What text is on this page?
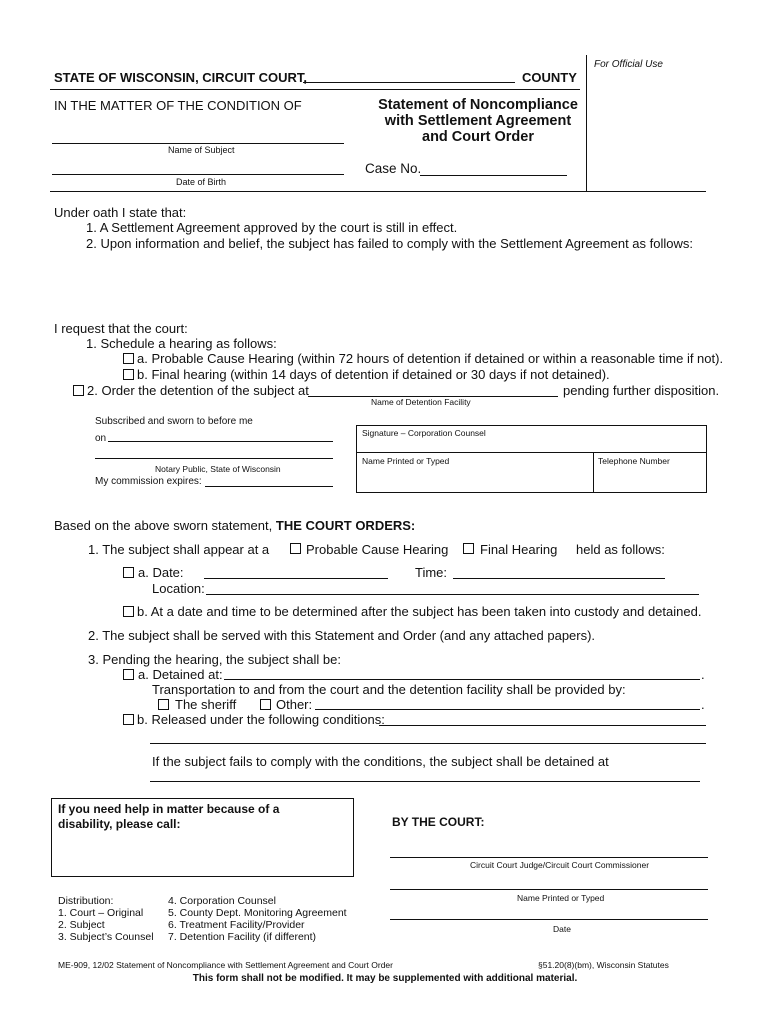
For Official Use
STATE OF WISCONSIN, CIRCUIT COURT,	COUNTY
IN THE MATTER OF THE CONDITION OF
Name of Subject
Date of Birth
Statement of Noncompliance
with Settlement Agreement
and Court Order
Case No.
Under oath I state that:
1. A Settlement Agreement approved by the court is still in effect.
2. Upon information and belief, the subject has failed to comply with the Settlement Agreement as follows:
I request that the court:
1. Schedule a hearing as follows:
a. Probable Cause Hearing (within 72 hours of detention if detained or within a reasonable time if not).
b. Final hearing (within 14 days of detention if detained or 30 days if not detained).
2. Order the detention of the subject at	pending further disposition.
Name of Detention Facility
Subscribed and sworn to before me
on
Notary Public, State of Wisconsin
My commission expires:
Signature – Corporation Counsel
Name Printed or Typed	Telephone Number
Based on the above sworn statement, THE COURT ORDERS:
1. The subject shall appear at a	Probable Cause Hearing Final Hearing held as follows:
a. Date:	Time:
Location:
b. At a date and time to be determined after the subject has been taken into custody and detained.
2. The subject shall be served with this Statement and Order (and any attached papers).
3. Pending the hearing, the subject shall be:
a. Detained at:	.
Transportation to and from the court and the detention facility shall be provided by:
The sheriff	Other:	.
b. Released under the following conditions:
If the subject fails to comply with the conditions, the subject shall be detained at
If you need help in matter because of a
disability, please call:	BY THE COURT:
Circuit Court Judge/Circuit Court Commissioner
Name Printed or Typed
Date
Distribution:
1. Court – Original
2. Subject
3. Subject’s Counsel
4. Corporation Counsel
5. County Dept. Monitoring Agreement
6. Treatment Facility/Provider
7. Detention Facility (if different)
ME-909, 12/02 Statement of Noncompliance with Settlement Agreement and Court Order	§51.20(8)(bm), Wisconsin Statutes
This form shall not be modified. It may be supplemented with additional material.
